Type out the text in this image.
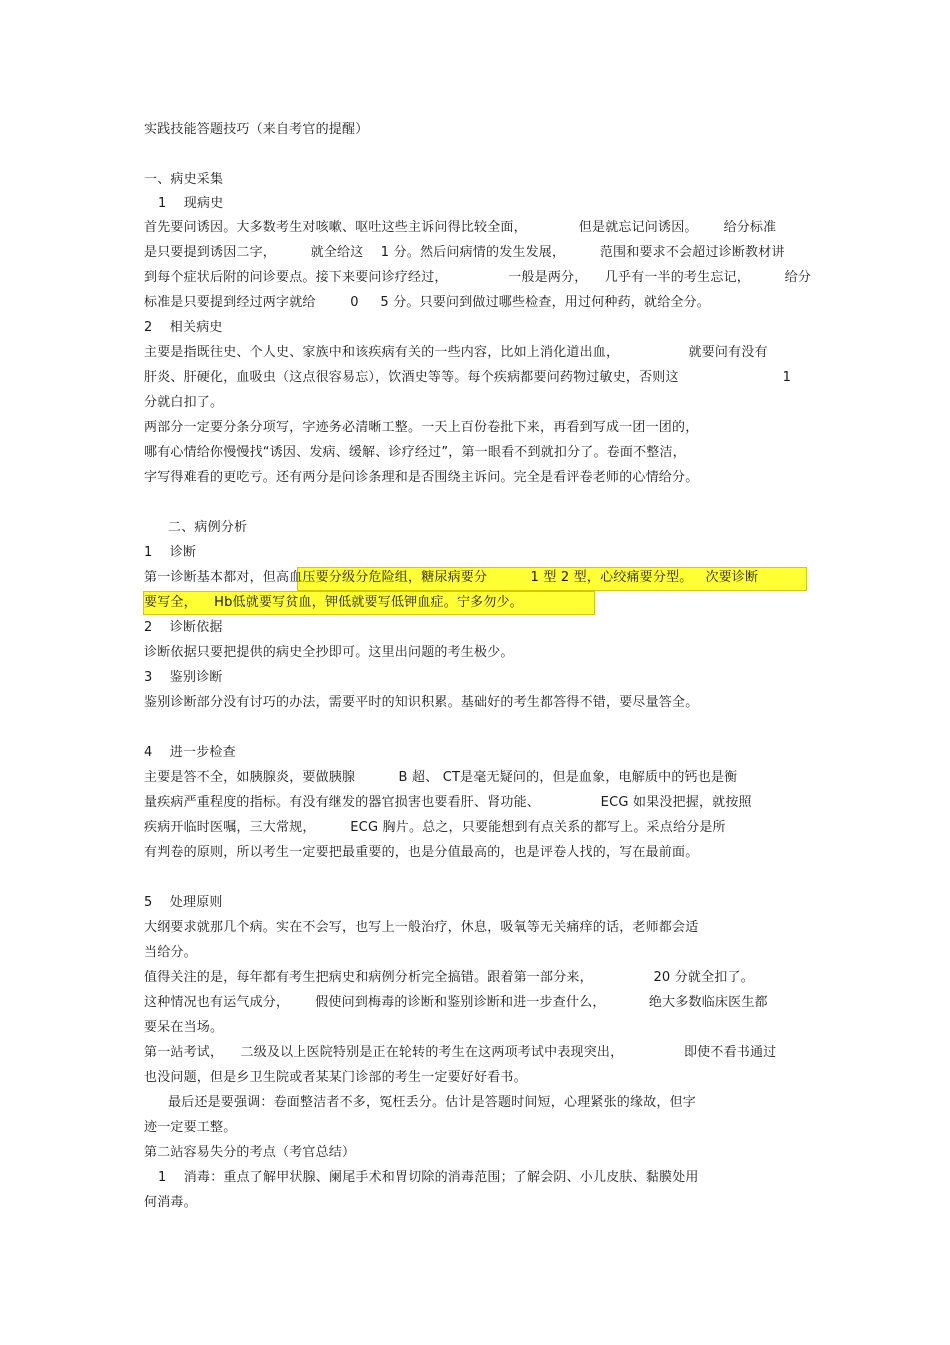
实践技能答题技巧（来自考官的提醒）
一、病史采集
1    现病史
首先要问诱因。大多数考生对咳嗽、呕吐这些主诉问得比较全面，            但是就忘记问诱因。      给分标准
是只要提到诱因二字，        就全给这    1 分。然后问病情的发生发展，        范围和要求不会超过诊断教材讲
到每个症状后附的问诊要点。接下来要问诊疗经过，              一般是两分，    几乎有一半的考生忘记，        给分
标准是只要提到经过两字就给        0     5 分。只要问到做过哪些检查，用过何种药，就给全分。
2    相关病史
主要是指既往史、个人史、家族中和该疾病有关的一些内容，比如上消化道出血，                就要问有没有
肝炎、肝硬化，血吸虫（这点很容易忘），饮酒史等等。每个疾病都要问药物过敏史，否则这                        1
分就白扣了。
两部分一定要分条分项写，字迹务必清晰工整。一天上百份卷批下来，再看到写成一团一团的，
哪有心情给你慢慢找“诱因、发病、缓解、诊疗经过”，第一眼看不到就扣分了。卷面不整洁，
字写得难看的更吃亏。还有两分是问诊条理和是否围绕主诉问。完全是看评卷老师的心情给分。
二、病例分析
1    诊断
第一诊断基本都对，但高血压要分级分危险组，糖尿病要分          1 型 2 型，心绞痛要分型。   次要诊断
要写全，    Hb低就要写贫血，钾低就要写低钾血症。宁多勿少。
2    诊断依据
诊断依据只要把提供的病史全抄即可。这里出问题的考生极少。
3    鉴别诊断
鉴别诊断部分没有讨巧的办法，需要平时的知识积累。基础好的考生都答得不错，要尽量答全。
4    进一步检查
主要是答不全，如胰腺炎，要做胰腺          B 超、 CT是毫无疑问的，但是血象，电解质中的钙也是衡
量疾病严重程度的指标。有没有继发的器官损害也要看肝、肾功能、              ECG 如果没把握，就按照
疾病开临时医嘱，三大常规，        ECG 胸片。总之，只要能想到有点关系的都写上。采点给分是所
有判卷的原则，所以考生一定要把最重要的，也是分值最高的，也是评卷人找的，写在最前面。
5    处理原则
大纲要求就那几个病。实在不会写，也写上一般治疗，休息，吸氧等无关痛痒的话，老师都会适
当给分。
值得关注的是，每年都有考生把病史和病例分析完全搞错。跟着第一部分来，              20 分就全扣了。
这种情况也有运气成分，      假使问到梅毒的诊断和鉴别诊断和进一步查什么，          绝大多数临床医生都
要呆在当场。
第一站考试，    二级及以上医院特别是正在轮转的考生在这两项考试中表现突出，              即使不看书通过
也没问题，但是乡卫生院或者某某门诊部的考生一定要好好看书。
最后还是要强调：卷面整洁者不多，冤枉丢分。估计是答题时间短，心理紧张的缘故，但字
迹一定要工整。
第二站容易失分的考点（考官总结）
1    消毒：重点了解甲状腺、阑尾手术和胃切除的消毒范围；了解会阴、小儿皮肤、黏膜处用
何消毒。
